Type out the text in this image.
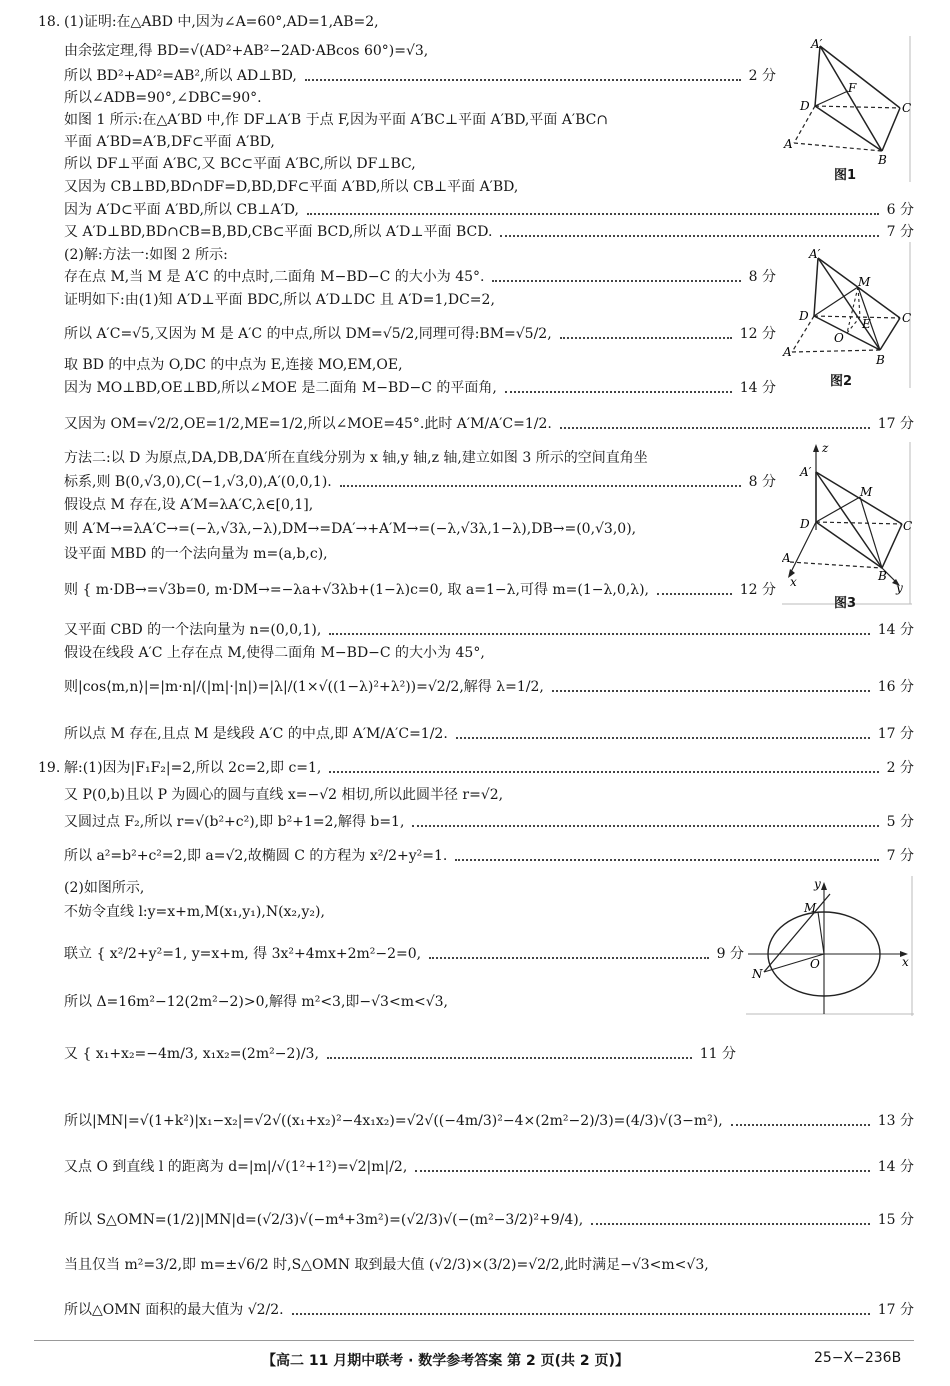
18. (1)证明:在△ABD 中,因为∠A=60°,AD=1,AB=2,
由余弦定理,得 BD=√(AD²+AB²−2AD·ABcos 60°)=√3,
所以 BD²+AD²=AB²,所以 AD⊥BD,	2 分
所以∠ADB=90°,∠DBC=90°.
如图 1 所示:在△A′BD 中,作 DF⊥A′B 于点 F,因为平面 A′BC⊥平面 A′BD,平面 A′BC∩
平面 A′BD=A′B,DF⊂平面 A′BD,
所以 DF⊥平面 A′BC,又 BC⊂平面 A′BC,所以 DF⊥BC,
又因为 CB⊥BD,BD∩DF=D,BD,DF⊂平面 A′BD,所以 CB⊥平面 A′BD,
因为 A′D⊂平面 A′BD,所以 CB⊥A′D,	6 分
又 A′D⊥BD,BD∩CB=B,BD,CB⊂平面 BCD,所以 A′D⊥平面 BCD.	7 分
(2)解:方法一:如图 2 所示:
存在点 M,当 M 是 A′C 的中点时,二面角 M−BD−C 的大小为 45°.	8 分
证明如下:由(1)知 A′D⊥平面 BDC,所以 A′D⊥DC 且 A′D=1,DC=2,
所以 A′C=√5,又因为 M 是 A′C 的中点,所以 DM=√5/2,同理可得:BM=√5/2,	12 分
取 BD 的中点为 O,DC 的中点为 E,连接 MO,EM,OE,
因为 MO⊥BD,OE⊥BD,所以∠MOE 是二面角 M−BD−C 的平面角,	14 分
又因为 OM=√2/2,OE=1/2,ME=1/2,所以∠MOE=45°.此时 A′M/A′C=1/2.	17 分
方法二:以 D 为原点,DA,DB,DA′所在直线分别为 x 轴,y 轴,z 轴,建立如图 3 所示的空间直角坐
标系,则 B(0,√3,0),C(−1,√3,0),A′(0,0,1).	8 分
假设点 M 存在,设 A′M=λA′C,λ∈[0,1],
则 A′M→=λA′C→=(−λ,√3λ,−λ),DM→=DA′→+A′M→=(−λ,√3λ,1−λ),DB→=(0,√3,0),
设平面 MBD 的一个法向量为 m=(a,b,c),
则 { m·DB→=√3b=0, m·DM→=−λa+√3λb+(1−λ)c=0, 取 a=1−λ,可得 m=(1−λ,0,λ),	12 分
又平面 CBD 的一个法向量为 n=(0,0,1),	14 分
假设在线段 A′C 上存在点 M,使得二面角 M−BD−C 的大小为 45°,
则|cos⟨m,n⟩|=|m·n|/(|m|·|n|)=|λ|/(1×√((1−λ)²+λ²))=√2/2,解得 λ=1/2,	16 分
所以点 M 存在,且点 M 是线段 A′C 的中点,即 A′M/A′C=1/2.	17 分
A′
F
D	C
A
B
图1
A′
M
D
E	C
O
A
B
图2
z
A′
M
D	C
A
B
x	y
图3
19. 解:(1)因为|F₁F₂|=2,所以 2c=2,即 c=1,	2 分
又 P(0,b)且以 P 为圆心的圆与直线 x=−√2 相切,所以此圆半径 r=√2,
又圆过点 F₂,所以 r=√(b²+c²),即 b²+1=2,解得 b=1,	5 分
所以 a²=b²+c²=2,即 a=√2,故椭圆 C 的方程为 x²/2+y²=1.	7 分
(2)如图所示,
不妨令直线 l:y=x+m,M(x₁,y₁),N(x₂,y₂),
联立 { x²/2+y²=1, y=x+m, 得 3x²+4mx+2m²−2=0,	9 分
所以 Δ=16m²−12(2m²−2)>0,解得 m²<3,即−√3<m<√3,
又 { x₁+x₂=−4m/3, x₁x₂=(2m²−2)/3,	11 分
所以|MN|=√(1+k²)|x₁−x₂|=√2√((x₁+x₂)²−4x₁x₂)=√2√((−4m/3)²−4×(2m²−2)/3)=(4/3)√(3−m²),	13 分
又点 O 到直线 l 的距离为 d=|m|/√(1²+1²)=√2|m|/2,	14 分
所以 S△OMN=(1/2)|MN|d=(√2/3)√(−m⁴+3m²)=(√2/3)√(−(m²−3/2)²+9/4),	15 分
当且仅当 m²=3/2,即 m=±√6/2 时,S△OMN 取到最大值 (√2/3)×(3/2)=√2/2,此时满足−√3<m<√3,
所以△OMN 面积的最大值为 √2/2.	17 分
y
M
O
N
x
【高二 11 月期中联考 · 数学参考答案 第 2 页(共 2 页)】	25−X−236B
